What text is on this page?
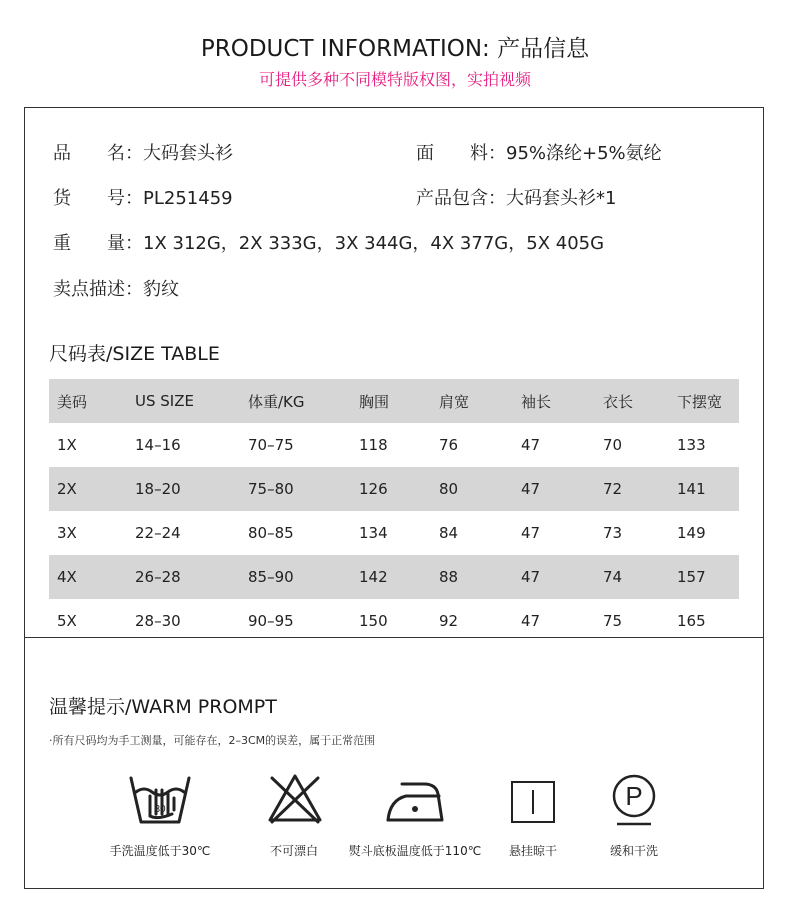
PRODUCT INFORMATION: 产品信息
可提供多种不同模特版权图，实拍视频
品　　名：大码套头衫	面　　料：95%涤纶+5%氨纶
货　　号：PL251459	产品包含：大码套头衫*1
重　　量：1X 312G，2X 333G，3X 344G，4X 377G，5X 405G
卖点描述：豹纹
尺码表/SIZE TABLE
美码	US SIZE	体重/KG	胸围	肩宽	袖长	衣长	下摆宽
1X	14–16	70–75	118	76	47	70	133
2X	18–20	75–80	126	80	47	72	141
3X	22–24	80–85	134	84	47	73	149
4X	26–28	85–90	142	88	47	74	157
5X	28–30	90–95	150	92	47	75	165
温馨提示/WARM PROMPT
·所有尺码均为手工测量，可能存在，2–3CM的误差，属于正常范围
30
手洗温度低于30℃	不可漂白	熨斗底板温度低于110℃	悬挂晾干
P
缓和干洗
